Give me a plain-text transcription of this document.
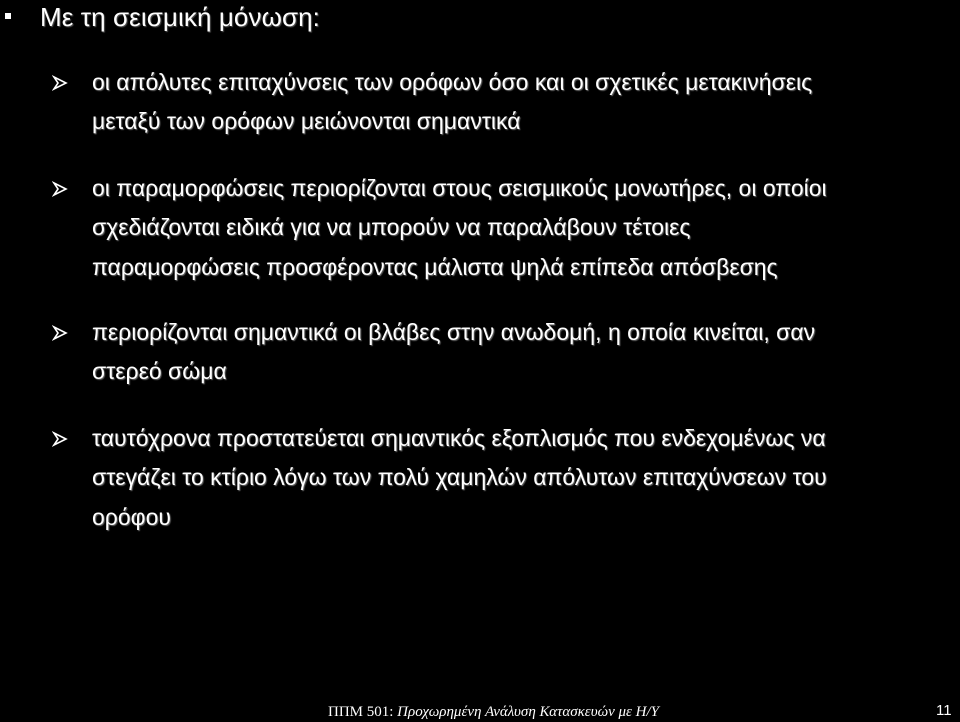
Με τη σεισμική μόνωση:
οι απόλυτες επιταχύνσεις των ορόφων όσο και οι σχετικές μετακινήσεις
μεταξύ των ορόφων μειώνονται σημαντικά
οι παραμορφώσεις περιορίζονται στους σεισμικούς μονωτήρες, οι οποίοι
σχεδιάζονται ειδικά για να μπορούν να παραλάβουν τέτοιες
παραμορφώσεις προσφέροντας μάλιστα ψηλά επίπεδα απόσβεσης
περιορίζονται σημαντικά οι βλάβες στην ανωδομή, η οποία κινείται, σαν
στερεό σώμα
ταυτόχρονα προστατεύεται σημαντικός εξοπλισμός που ενδεχομένως να
στεγάζει το κτίριο λόγω των πολύ χαμηλών απόλυτων επιταχύνσεων του
ορόφου
ΠΠΜ 501: Προχωρημένη Ανάλυση Κατασκευών με Η/Υ	11
